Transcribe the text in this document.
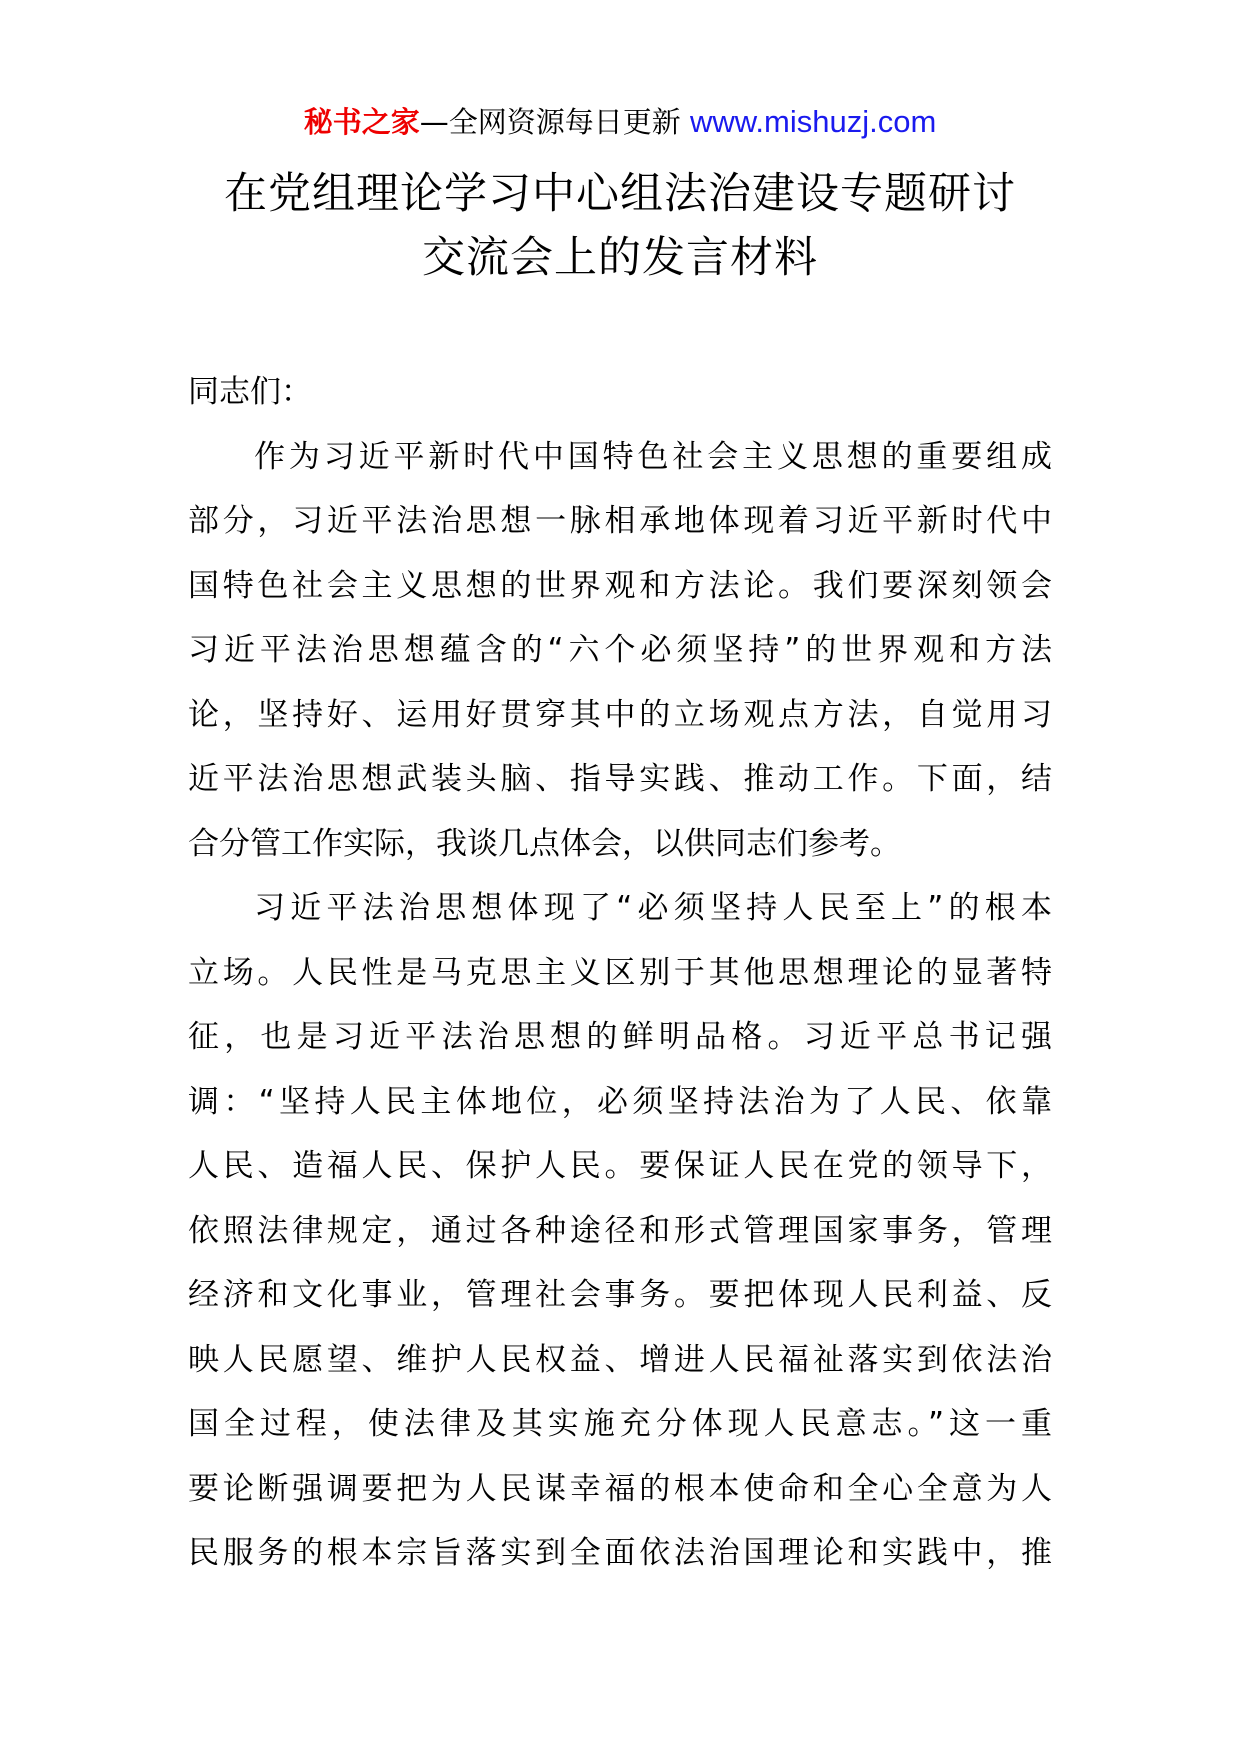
秘书之家—全网资源每日更新 www.mishuzj.com
在党组理论学习中心组法治建设专题研讨
交流会上的发言材料
同志们：
作为习近平新时代中国特色社会主义思想的重要组成
部分，习近平法治思想一脉相承地体现着习近平新时代中
国特色社会主义思想的世界观和方法论。我们要深刻领会
习近平法治思想蕴含的“六个必须坚持”的世界观和方法
论，坚持好、运用好贯穿其中的立场观点方法，自觉用习
近平法治思想武装头脑、指导实践、推动工作。下面，结
合分管工作实际，我谈几点体会，以供同志们参考。
习近平法治思想体现了“必须坚持人民至上”的根本
立场。人民性是马克思主义区别于其他思想理论的显著特
征，也是习近平法治思想的鲜明品格。习近平总书记强
调：“坚持人民主体地位，必须坚持法治为了人民、依靠
人民、造福人民、保护人民。要保证人民在党的领导下，
依照法律规定，通过各种途径和形式管理国家事务，管理
经济和文化事业，管理社会事务。要把体现人民利益、反
映人民愿望、维护人民权益、增进人民福祉落实到依法治
国全过程，使法律及其实施充分体现人民意志。”这一重
要论断强调要把为人民谋幸福的根本使命和全心全意为人
民服务的根本宗旨落实到全面依法治国理论和实践中，推
